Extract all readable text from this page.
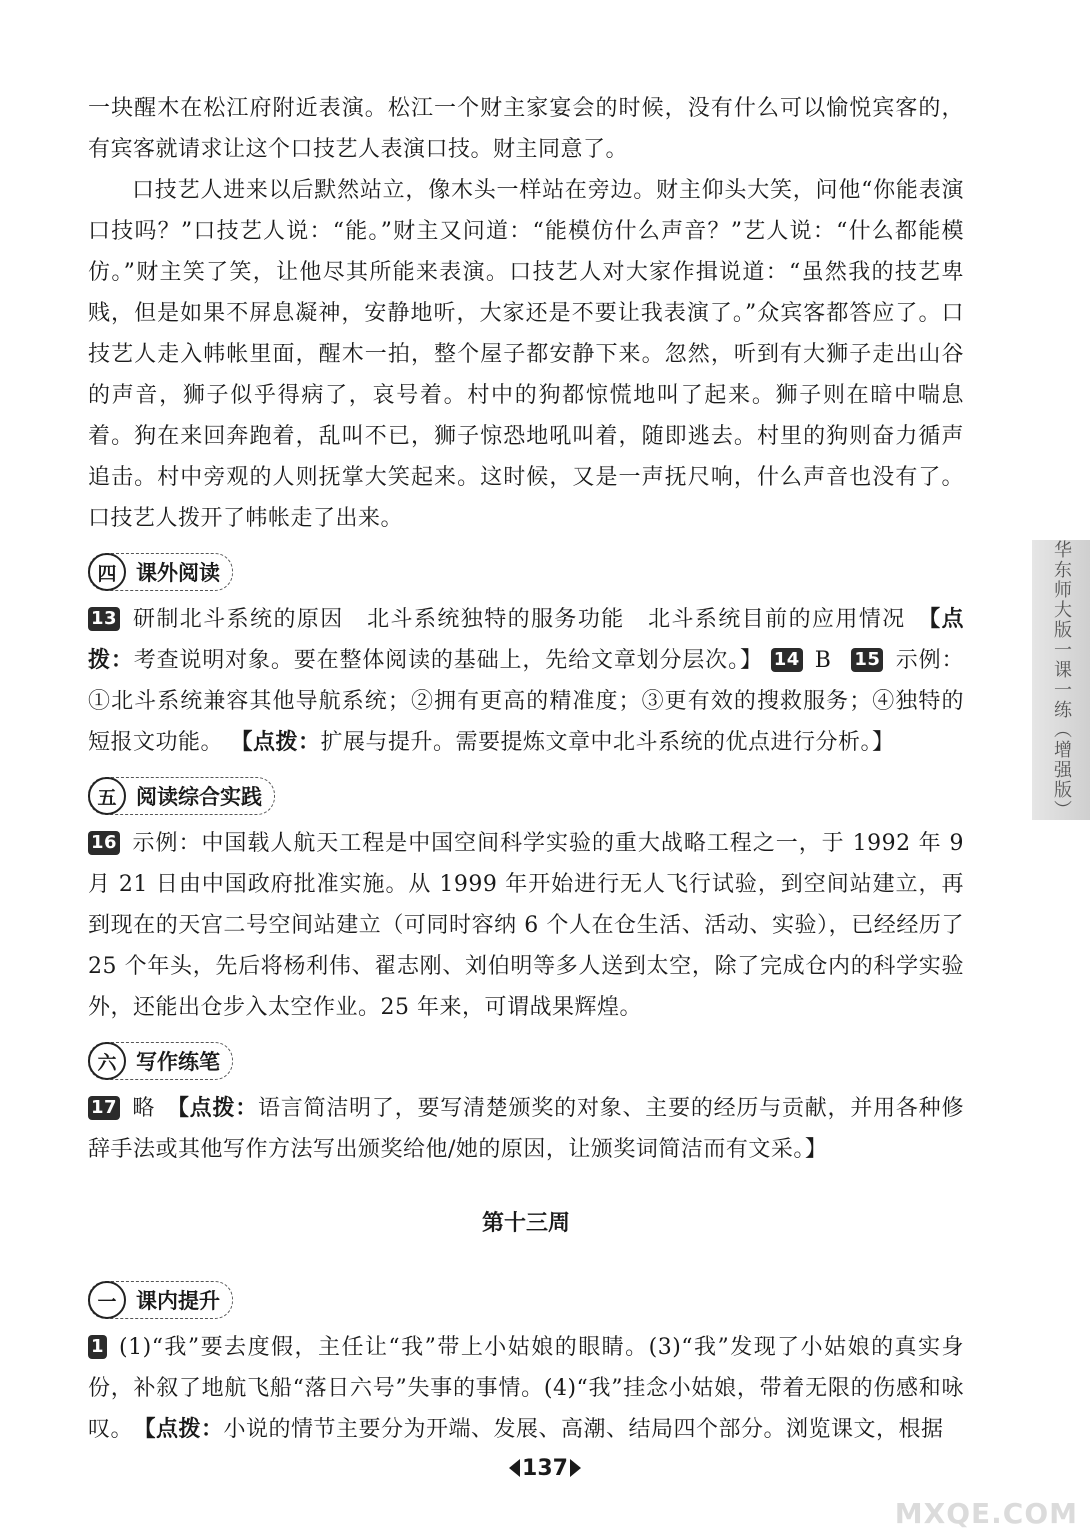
一块醒木在松江府附近表演。松江一个财主家宴会的时候，没有什么可以愉悦宾客的，有宾客就请求让这个口技艺人表演口技。财主同意了。

口技艺人进来以后默然站立，像木头一样站在旁边。财主仰头大笑，问他“你能表演口技吗？”口技艺人说：“能。”财主又问道：“能模仿什么声音？”艺人说：“什么都能模仿。”财主笑了笑，让他尽其所能来表演。口技艺人对大家作揖说道：“虽然我的技艺卑贱，但是如果不屏息凝神，安静地听，大家还是不要让我表演了。”众宾客都答应了。口技艺人走入帏帐里面，醒木一拍，整个屋子都安静下来。忽然，听到有大狮子走出山谷的声音，狮子似乎得病了，哀号着。村中的狗都惊慌地叫了起来。狮子则在暗中喘息着。狗在来回奔跑着，乱叫不已，狮子惊恐地吼叫着，随即逃去。村里的狗则奋力循声追击。村中旁观的人则抚掌大笑起来。这时候，又是一声抚尺响，什么声音也没有了。口技艺人拨开了帏帐走了出来。

四 课外阅读

13 研制北斗系统的原因　北斗系统独特的服务功能　北斗系统目前的应用情况　【点拨：考查说明对象。要在整体阅读的基础上，先给文章划分层次。】 14 B 15 示例：①北斗系统兼容其他导航系统；②拥有更高的精准度；③更有效的搜救服务；④独特的短报文功能。 【点拨：扩展与提升。需要提炼文章中北斗系统的优点进行分析。】

五 阅读综合实践

16 示例：中国载人航天工程是中国空间科学实验的重大战略工程之一，于 1992 年 9 月 21 日由中国政府批准实施。从 1999 年开始进行无人飞行试验，到空间站建立，再到现在的天宫二号空间站建立（可同时容纳 6 个人在仓生活、活动、实验），已经经历了 25 个年头，先后将杨利伟、翟志刚、刘伯明等多人送到太空，除了完成仓内的科学实验外，还能出仓步入太空作业。25 年来，可谓战果辉煌。

六 写作练笔

17 略　【点拨：语言简洁明了，要写清楚颁奖的对象、主要的经历与贡献，并用各种修辞手法或其他写作方法写出颁奖给他/她的原因，让颁奖词简洁而有文采。】

第十三周
一 课内提升

1 (1)“我”要去度假，主任让“我”带上小姑娘的眼睛。(3)“我”发现了小姑娘的真实身份，补叙了地航飞船“落日六号”失事的事情。(4)“我”挂念小姑娘，带着无限的伤感和咏叹。　【点拨：小说的情节主要分为开端、发展、高潮、结局四个部分。浏览课文，根据

华东师大版一课一练（增强版）
137
MXQE.COM
